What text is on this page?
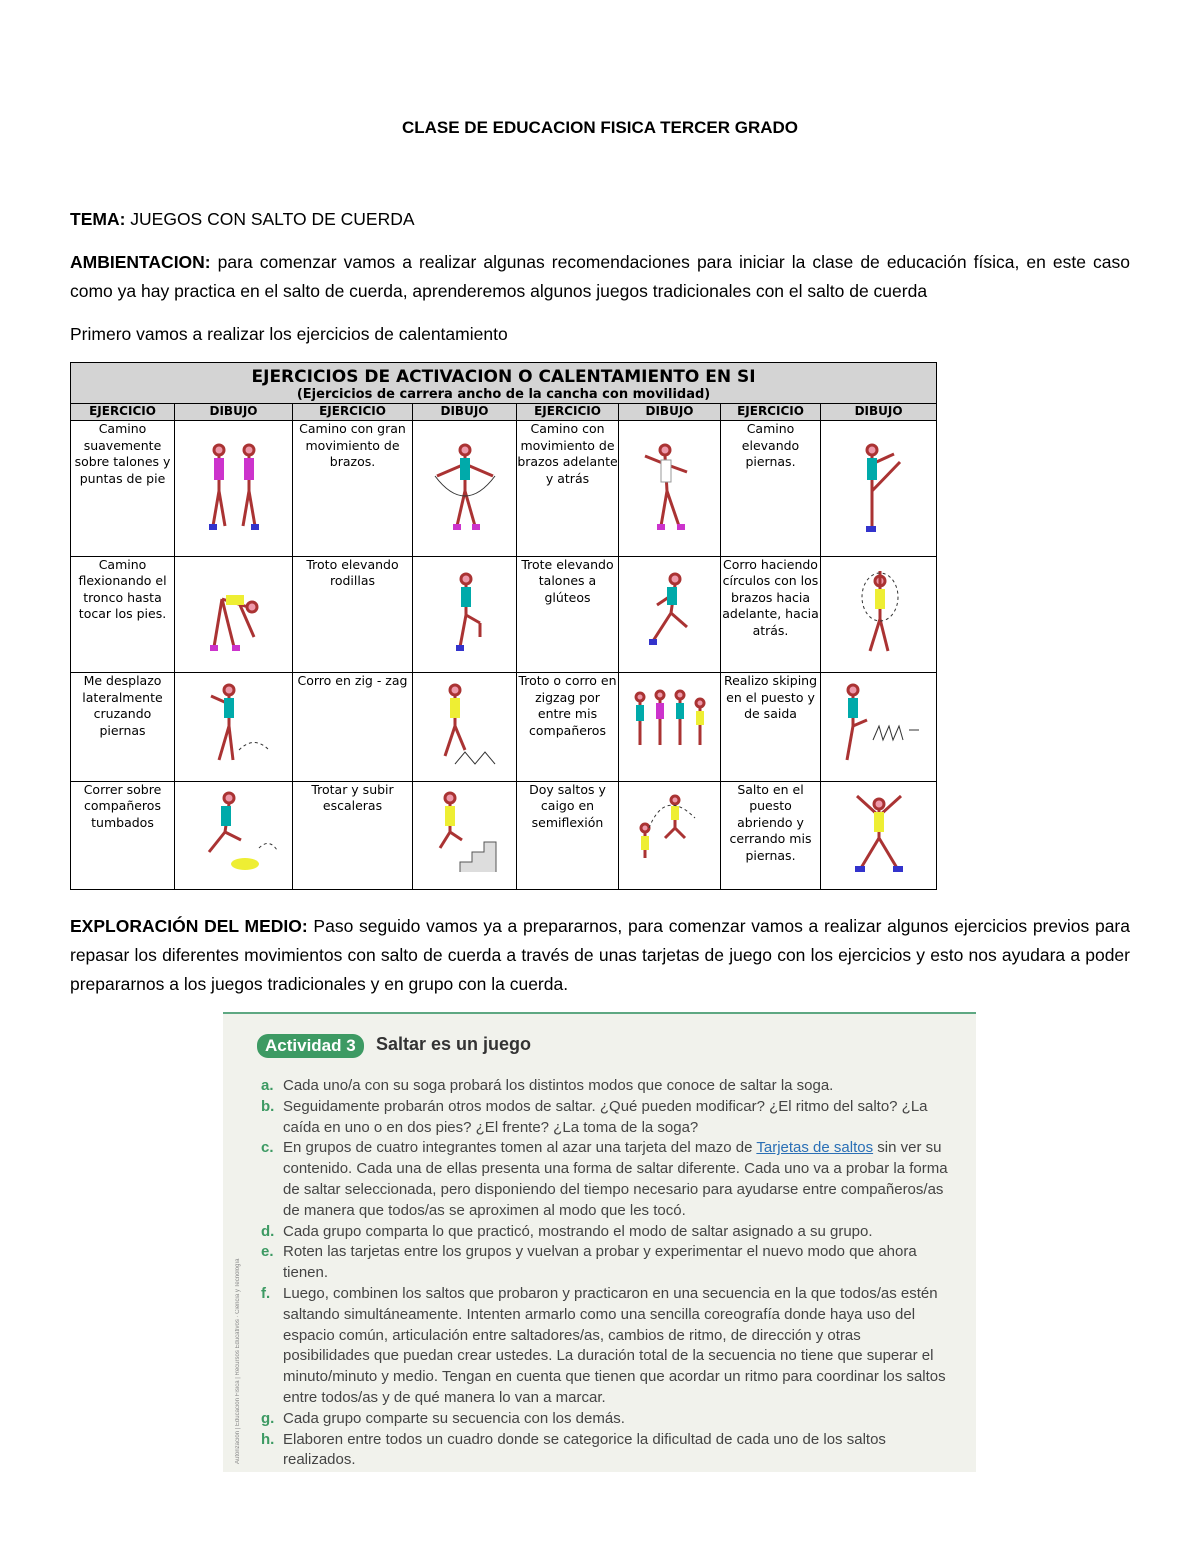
CLASE DE EDUCACION FISICA TERCER GRADO
TEMA: JUEGOS CON SALTO DE CUERDA
AMBIENTACION: para comenzar vamos a realizar algunas recomendaciones para iniciar la clase de educación física, en este caso como ya hay practica en el salto de cuerda, aprenderemos algunos juegos tradicionales con el salto de cuerda
Primero vamos a realizar los ejercicios de calentamiento
EJERCICIOS DE ACTIVACION O CALENTAMIENTO EN SI
(Ejercicios de carrera ancho de la cancha con movilidad)							

EJERCICIO	DIBUJO	EJERCICIO	DIBUJO	EJERCICIO	DIBUJO	EJERCICIO	DIBUJO
Camino suavemente sobre talones y puntas de pie		Camino con gran movimiento de brazos.		Camino con movimiento de brazos adelante y atrás		Camino elevando piernas.	
Camino flexionando el tronco hasta tocar los pies.		Troto elevando rodillas		Trote elevando talones a glúteos		Corro haciendo círculos con los brazos hacia adelante, hacia atrás.	
Me desplazo lateralmente cruzando piernas		Corro en zig - zag		Troto o corro en zigzag por entre mis compañeros		Realizo skiping en el puesto y de saida	
Correr sobre compañeros tumbados		Trotar y subir escaleras		Doy saltos y caigo en semiflexión		Salto en el puesto abriendo y cerrando mis piernas.	
EXPLORACIÓN DEL MEDIO: Paso seguido vamos ya a prepararnos, para comenzar vamos a realizar algunos ejercicios previos para repasar los diferentes movimientos con salto de cuerda a través de unas tarjetas de juego con los ejercicios y esto nos ayudara a poder prepararnos a los juegos tradicionales y en grupo con la cuerda.
Actividad 3	Saltar es un juego
Autorización | Educación Física | Recursos Educativos · Ciencia y Tecnología
a. Cada uno/a con su soga probará los distintos modos que conoce de saltar la soga.
b. Seguidamente probarán otros modos de saltar. ¿Qué pueden modificar? ¿El ritmo del salto? ¿La caída en uno o en dos pies? ¿El frente? ¿La toma de la soga?
c. En grupos de cuatro integrantes tomen al azar una tarjeta del mazo de Tarjetas de saltos sin ver su contenido. Cada una de ellas presenta una forma de saltar diferente. Cada uno va a probar la forma de saltar seleccionada, pero disponiendo del tiempo necesario para ayudarse entre compañeros/as de manera que todos/as se aproximen al modo que les tocó.
d. Cada grupo comparta lo que practicó, mostrando el modo de saltar asignado a su grupo.
e. Roten las tarjetas entre los grupos y vuelvan a probar y experimentar el nuevo modo que ahora tienen.
f. Luego, combinen los saltos que probaron y practicaron en una secuencia en la que todos/as estén saltando simultáneamente. Intenten armarlo como una sencilla coreografía donde haya uso del espacio común, articulación entre saltadores/as, cambios de ritmo, de dirección y otras posibilidades que puedan crear ustedes. La duración total de la secuencia no tiene que superar el minuto/minuto y medio. Tengan en cuenta que tienen que acordar un ritmo para coordinar los saltos entre todos/as y de qué manera lo van a marcar.
g. Cada grupo comparte su secuencia con los demás.
h. Elaboren entre todos un cuadro donde se categorice la dificultad de cada uno de los saltos realizados.
